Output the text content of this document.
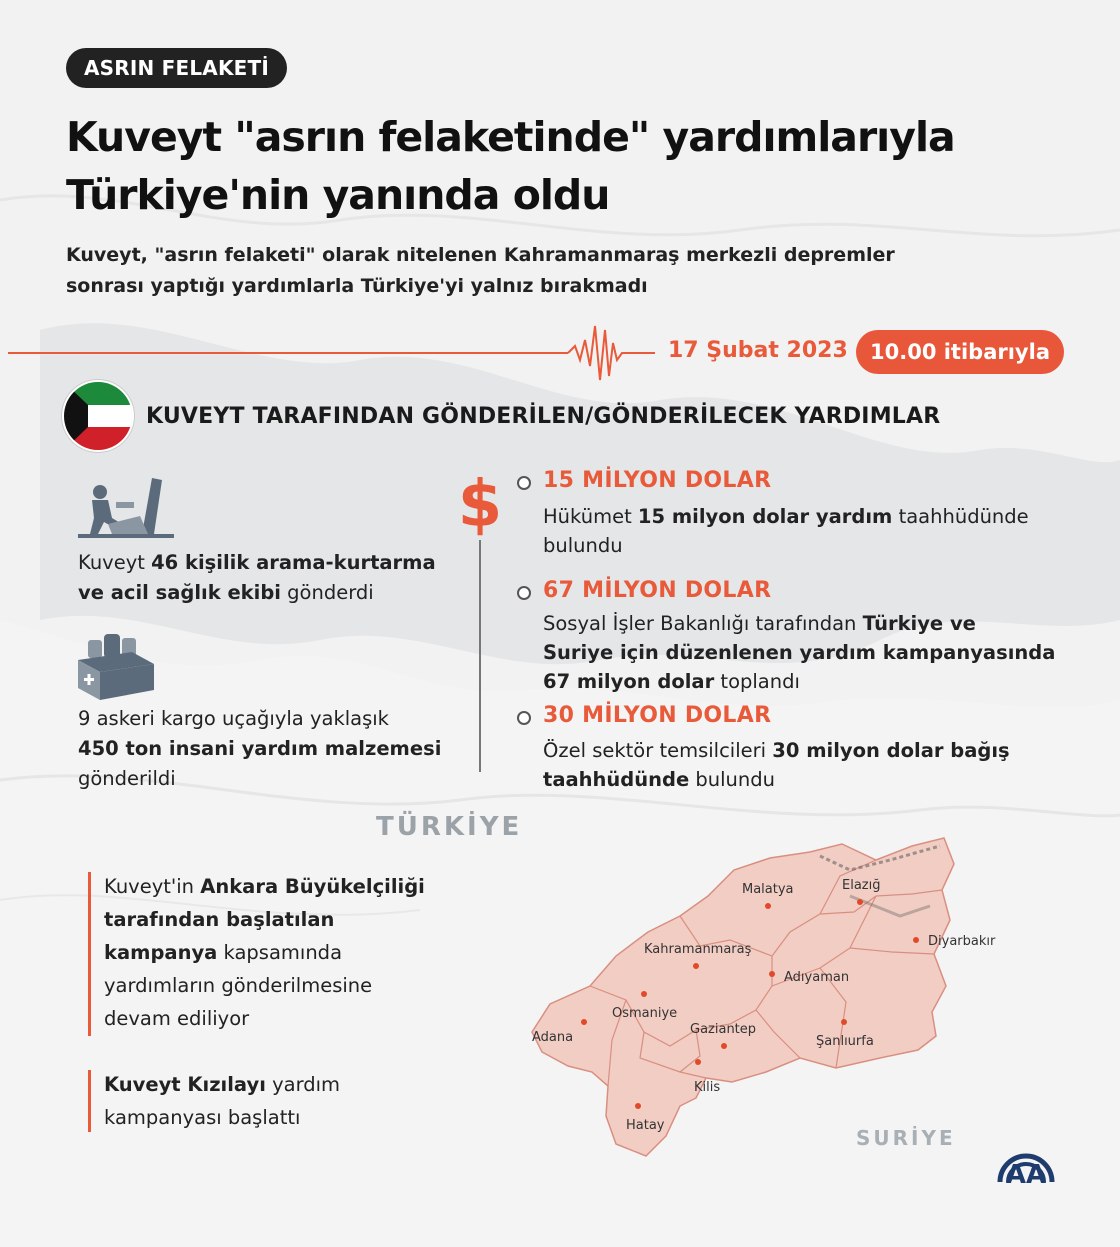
ASRIN FELAKETİ
Kuveyt "asrın felaketinde" yardımlarıyla
Türkiye'nin yanında oldu
Kuveyt, "asrın felaketi" olarak nitelenen Kahramanmaraş merkezli depremler
sonrası yaptığı yardımlarla Türkiye'yi yalnız bırakmadı
17 Şubat 2023	10.00 itibarıyla
KUVEYT TARAFINDAN GÖNDERİLEN/GÖNDERİLECEK YARDIMLAR
Kuveyt 46 kişilik arama-kurtarma
ve acil sağlık ekibi gönderdi
9 askeri kargo uçağıyla yaklaşık
450 ton insani yardım malzemesi
gönderildi
$ 15 MİLYON DOLAR
Hükümet 15 milyon dolar yardım taahhüdünde
bulundu
67 MİLYON DOLAR
Sosyal İşler Bakanlığı tarafından Türkiye ve
Suriye için düzenlenen yardım kampanyasında
67 milyon dolar toplandı
30 MİLYON DOLAR
Özel sektör temsilcileri 30 milyon dolar bağış
taahhüdünde bulundu
TÜRKİYE
SURİYE
Malatya	Elazığ
Diyarbakır
Kahramanmaraş
Adıyaman
Osmaniye
Gaziantep
Şanlıurfa
Adana
Kilis
Hatay
Kuveyt'in Ankara Büyükelçiliği
tarafından başlatılan
kampanya kapsamında
yardımların gönderilmesine
devam ediliyor
Kuveyt Kızılayı yardım
kampanyası başlattı
AA
